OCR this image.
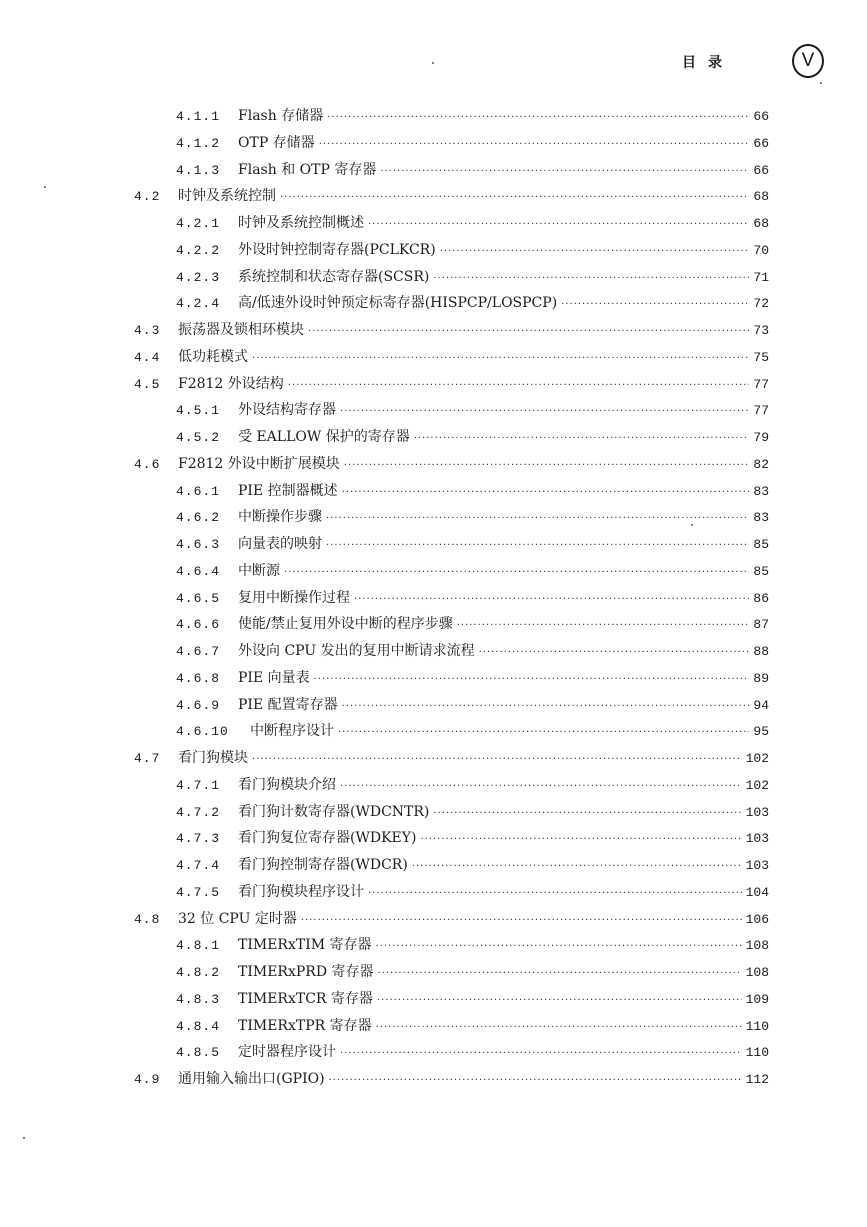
目录	V
4.1.1	Flash 存储器 ·····	66
4.1.2	OTP 存储器 ·····	66
4.1.3	Flash 和 OTP 寄存器 ·····	66
4.2	时钟及系统控制 ·····	68
4.2.1	时钟及系统控制概述 ·····	68
4.2.2	外设时钟控制寄存器(PCLKCR) ·····	70
4.2.3	系统控制和状态寄存器(SCSR) ·····	71
4.2.4	高/低速外设时钟预定标寄存器(HISPCP/LOSPCP) ·····	72
4.3	振荡器及锁相环模块 ·····	73
4.4	低功耗模式 ·····	75
4.5	F2812 外设结构 ·····	77
4.5.1	外设结构寄存器 ·····	77
4.5.2	受 EALLOW 保护的寄存器 ·····	79
4.6	F2812 外设中断扩展模块 ·····	82
4.6.1	PIE 控制器概述 ·····	83
4.6.2	中断操作步骤 ·····	83
4.6.3	向量表的映射 ·····	85
4.6.4	中断源 ·····	85
4.6.5	复用中断操作过程 ·····	86
4.6.6	使能/禁止复用外设中断的程序步骤 ·····	87
4.6.7	外设向 CPU 发出的复用中断请求流程 ·····	88
4.6.8	PIE 向量表 ·····	89
4.6.9	PIE 配置寄存器 ·····	94
4.6.10	中断程序设计 ·····	95
4.7	看门狗模块 ·····	102
4.7.1	看门狗模块介绍 ·····	102
4.7.2	看门狗计数寄存器(WDCNTR) ·····	103
4.7.3	看门狗复位寄存器(WDKEY) ·····	103
4.7.4	看门狗控制寄存器(WDCR) ·····	103
4.7.5	看门狗模块程序设计 ·····	104
4.8	32 位 CPU 定时器 ·····	106
4.8.1	TIMERxTIM 寄存器 ·····	108
4.8.2	TIMERxPRD 寄存器 ·····	108
4.8.3	TIMERxTCR 寄存器 ·····	109
4.8.4	TIMERxTPR 寄存器 ·····	110
4.8.5	定时器程序设计 ·····	110
4.9	通用输入输出口(GPIO) ·····	112
